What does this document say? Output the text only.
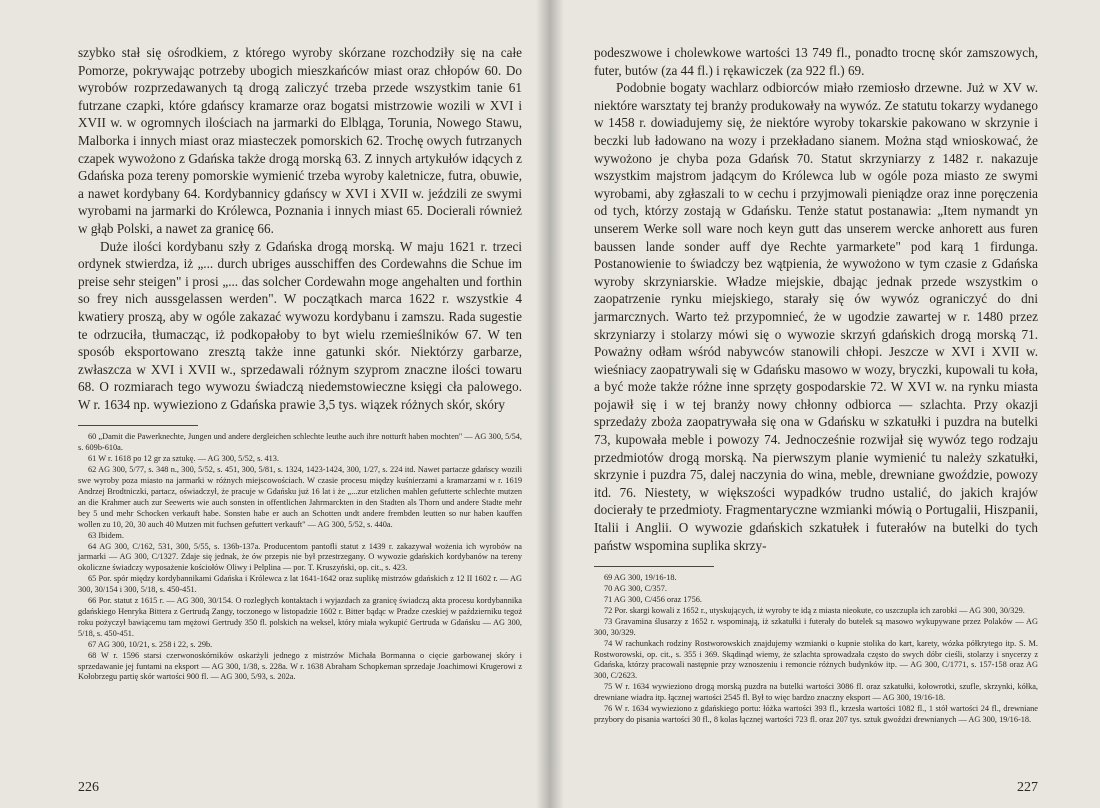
szybko stał się ośrodkiem, z którego wyroby skórzane rozchodziły się na całe Pomorze, pokrywając potrzeby ubogich mieszkańców miast oraz chłopów 60. Do wyrobów rozprzedawanych tą drogą zaliczyć trzeba przede wszystkim tanie 61 futrzane czapki, które gdańscy kramarze oraz bogatsi mistrzowie wozili w XVI i XVII w. w ogromnych ilościach na jarmarki do Elbląga, Torunia, Nowego Stawu, Malborka i innych miast oraz miasteczek pomorskich 62. Trochę owych futrzanych czapek wywożono z Gdańska także drogą morską 63. Z innych artykułów idących z Gdańska poza tereny pomorskie wymienić trzeba wyroby kaletnicze, futra, obuwie, a nawet kordybany 64. Kordybannicy gdańscy w XVI i XVII w. jeździli ze swymi wyrobami na jarmarki do Królewca, Poznania i innych miast 65. Docierali również w głąb Polski, a nawet za granicę 66.

Duże ilości kordybanu szły z Gdańska drogą morską. W maju 1621 r. trzeci ordynek stwierdza, iż „... durch ubriges ausschiffen des Cordewahns die Schue im preise sehr steigen" i prosi „... das solcher Cordewahn moge angehalten und forthin so frey nich aussgelassen werden". W początkach marca 1622 r. wszystkie 4 kwatiery proszą, aby w ogóle zakazać wywozu kordybanu i zamszu. Rada sugestie te odrzuciła, tłumacząc, iż podkopałoby to byt wielu rzemieślników 67. W ten sposób eksportowano zresztą także inne gatunki skór. Niektórzy garbarze, zwłaszcza w XVI i XVII w., sprzedawali różnym szyprom znaczne ilości towaru 68. O rozmiarach tego wywozu świadczą niedemstowieczne księgi cła palowego. W r. 1634 np. wywieziono z Gdańska prawie 3,5 tys. wiązek różnych skór, skóry

60 „Damit die Pawerknechte, Jungen und andere dergleichen schlechte leuthe auch ihre notturft haben mochten" — AG 300, 5/54, s. 609b-610a.

61 W r. 1618 po 12 gr za sztukę. — AG 300, 5/52, s. 413.

62 AG 300, 5/77, s. 348 n., 300, 5/52, s. 451, 300, 5/81, s. 1324, 1423-1424, 300, 1/27, s. 224 itd. Nawet partacze gdańscy wozili swe wyroby poza miasto na jarmarki w różnych miejscowościach. W czasie procesu między kuśnierzami a kramarzami w r. 1619 Andrzej Brodtniczki, partacz, oświadczył, że pracuje w Gdańsku już 16 lat i że „...zur etzlichen mahlen gefutterte schlechte mutzen an die Krahmer auch zur Seewerts wie auch sonsten in offentlichen Jahrmarckten in den Stadten als Thorn und andere Stadte mehr bey 5 und mehr Schocken verkauft habe. Sonsten habe er auch an Schotten undt andere frembden leutten so nur haben kauffen wollen zu 10, 20, 30 auch 40 Mutzen mit fuchsen gefuttert verkauft" — AG 300, 5/52, s. 440a.

63 Ibidem.

64 AG 300, C/162, 531, 300, 5/55, s. 136b-137a. Producentom pantofli statut z 1439 r. zakazywał wożenia ich wyrobów na jarmarki — AG 300, C/1327. Zdaje się jednak, że ów przepis nie był przestrzegany. O wywozie gdańskich kordybanów na tereny okoliczne świadczy wyposażenie kościołów Oliwy i Pelplina — por. T. Kruszyński, op. cit., s. 423.

65 Por. spór między kordybannikami Gdańska i Królewca z lat 1641-1642 oraz suplikę mistrzów gdańskich z 12 II 1602 r. — AG 300, 30/154 i 300, 5/18, s. 450-451.

66 Por. statut z 1615 r. — AG 300, 30/154. O rozległych kontaktach i wyjazdach za granicę świadczą akta procesu kordybannika gdańskiego Henryka Bittera z Gertrudą Zangy, toczonego w listopadzie 1602 r. Bitter bądąc w Pradze czeskiej w październiku tegoż roku pożyczył bawiącemu tam mężowi Gertrudy 350 fl. polskich na weksel, który miała wykupić Gertruda w Gdańsku — AG 300, 5/18, s. 450-451.

67 AG 300, 10/21, s. 258 i 22, s. 29b.

68 W r. 1596 starsi czerwonoskórników oskarżyli jednego z mistrzów Michała Bormanna o cięcie garbowanej skóry i sprzedawanie jej funtami na eksport — AG 300, 1/38, s. 228a. W r. 1638 Abraham Schopkeman sprzedaje Joachimowi Krugerowi z Kołobrzegu partię skór wartości 900 fl. — AG 300, 5/93, s. 202a.

226

podeszwowe i cholewkowe wartości 13 749 fl., ponadto trocnę skór zamszowych, futer, butów (za 44 fl.) i rękawiczek (za 922 fl.) 69.

Podobnie bogaty wachlarz odbiorców miało rzemiosło drzewne. Już w XV w. niektóre warsztaty tej branży produkowały na wywóz. Ze statutu tokarzy wydanego w 1458 r. dowiadujemy się, że niektóre wyroby tokarskie pakowano w skrzynie i beczki lub ładowano na wozy i przekładano sianem. Można stąd wnioskować, że wywożono je chyba poza Gdańsk 70. Statut skrzyniarzy z 1482 r. nakazuje wszystkim majstrom jadącym do Królewca lub w ogóle poza miasto ze swymi wyrobami, aby zgłaszali to w cechu i przyjmowali pieniądze oraz inne poręczenia od tych, którzy zostają w Gdańsku. Tenże statut postanawia: „Item nymandt yn unserem Werke soll ware noch keyn gutt das unserem wercke anhorett aus furen baussen lande sonder auff dye Rechte yarmarkete" pod karą 1 firdunga. Postanowienie to świadczy bez wątpienia, że wywożono w tym czasie z Gdańska wyroby skrzyniarskie. Władze miejskie, dbając jednak przede wszystkim o zaopatrzenie rynku miejskiego, starały się ów wywóz ograniczyć do dni jarmarcznych. Warto też przypomnieć, że w ugodzie zawartej w r. 1480 przez skrzyniarzy i stolarzy mówi się o wywozie skrzyń gdańskich drogą morską 71. Poważny odłam wśród nabywców stanowili chłopi. Jeszcze w XVI i XVII w. wieśniacy zaopatrywali się w Gdańsku masowo w wozy, bryczki, kupowali tu koła, a być może także różne inne sprzęty gospodarskie 72. W XVI w. na rynku miasta pojawił się i w tej branży nowy chłonny odbiorca — szlachta. Przy okazji sprzedaży zboża zaopatrywała się ona w Gdańsku w szkatułki i puzdra na butelki 73, kupowała meble i powozy 74. Jednocześnie rozwijał się wywóz tego rodzaju przedmiotów drogą morską. Na pierwszym planie wymienić tu należy szkatułki, skrzynie i puzdra 75, dalej naczynia do wina, meble, drewniane gwoździe, powozy itd. 76. Niestety, w większości wypadków trudno ustalić, do jakich krajów docierały te przedmioty. Fragmentaryczne wzmianki mówią o Portugalii, Hiszpanii, Italii i Anglii. O wywozie gdańskich szkatułek i futerałów na butelki do tych państw wspomina suplika skrzy-

69 AG 300, 19/16-18.

70 AG 300, C/357.

71 AG 300, C/456 oraz 1756.

72 Por. skargi kowali z 1652 r., utyskujących, iż wyroby te idą z miasta nieokute, co uszczupla ich zarobki — AG 300, 30/329.

73 Gravamina ślusarzy z 1652 r. wspominają, iż szkatułki i futerały do butelek są masowo wykupywane przez Polaków — AG 300, 30/329.

74 W rachunkach rodziny Rostworowskich znajdujemy wzmianki o kupnie stolika do kart, karety, wózka półkrytego itp. S. M. Rostworowski, op. cit., s. 355 i 369. Skądinąd wiemy, że szlachta sprowadzała często do swych dóbr cieśli, stolarzy i snycerzy z Gdańska, którzy pracowali następnie przy wznoszeniu i remoncie różnych budynków itp. — AG 300, C/1771, s. 157-158 oraz AG 300, C/2623.

75 W r. 1634 wywieziono drogą morską puzdra na butelki wartości 3086 fl. oraz szkatułki, kołowrotki, szufle, skrzynki, kółka, drewniane wiadra itp. łącznej wartości 2545 fl. Był to więc bardzo znaczny eksport — AG 300, 19/16-18.

76 W r. 1634 wywieziono z gdańskiego portu: łóżka wartości 393 fl., krzesła wartości 1082 fl., 1 stół wartości 24 fl., drewniane przybory do pisania wartości 30 fl., 8 kolas łącznej wartości 723 fl. oraz 207 tys. sztuk gwoździ drewnianych — AG 300, 19/16-18.

227
